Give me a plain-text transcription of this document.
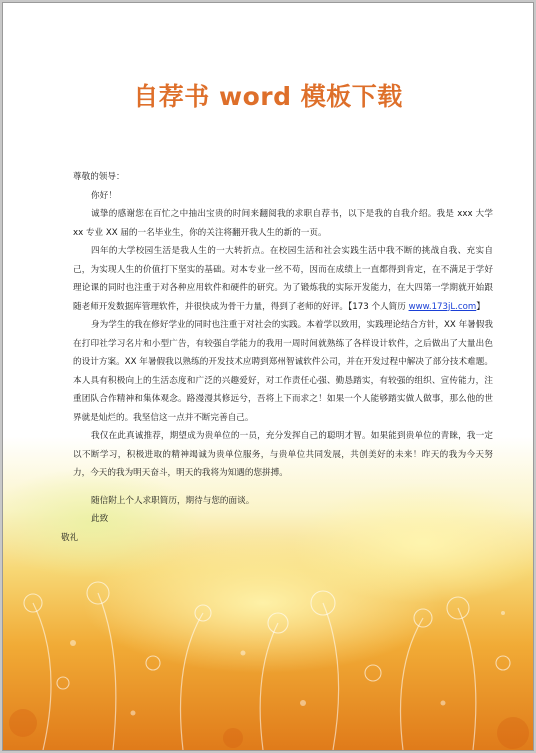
自荐书 word 模板下载

尊敬的领导：

你好！

诚挚的感谢您在百忙之中抽出宝贵的时间来翻阅我的求职自荐书，以下是我的自我介绍。我是 xxx 大学 xx 专业 XX 届的一名毕业生，你的关注将翻开我人生的新的一页。

四年的大学校园生活是我人生的一大转折点。在校园生活和社会实践生活中我不断的挑战自我、充实自己，为实现人生的价值打下坚实的基础。对本专业一丝不苟，因而在成绩上一直都得到肯定，在不满足于学好理论课的同时也注重于对各种应用软件和硬件的研究。为了锻炼我的实际开发能力，在大四第一学期就开始跟随老师开发数据库管理软件，并很快成为骨干力量，得到了老师的好评。【173 个人简历 www.173jL.com】

身为学生的我在修好学业的同时也注重于对社会的实践。本着学以致用，实践理论结合方针，XX 年暑假我在打印社学习名片和小型广告，有较强自学能力的我用一周时间就熟练了各样设计软件，之后做出了大量出色的设计方案。XX 年暑假我以熟练的开发技术应聘到郑州智诚软件公司，并在开发过程中解决了部分技术难题。本人具有积极向上的生活态度和广泛的兴趣爱好，对工作责任心强、勤恳踏实，有较强的组织、宣传能力，注重团队合作精神和集体观念。路漫漫其修远兮，吾将上下而求之！如果一个人能够踏实做人做事，那么他的世界就是灿烂的。我坚信这一点并不断完善自己。

我仅在此真诚推荐，期望成为贵单位的一员，充分发挥自己的聪明才智。如果能到贵单位的青睐，我一定以不断学习，积极进取的精神竭诚为贵单位服务，与贵单位共同发展，共创美好的未来！昨天的我为今天努力，今天的我为明天奋斗，明天的我将为知遇的您拼搏。

随信附上个人求职简历，期待与您的面谈。

此致

敬礼
